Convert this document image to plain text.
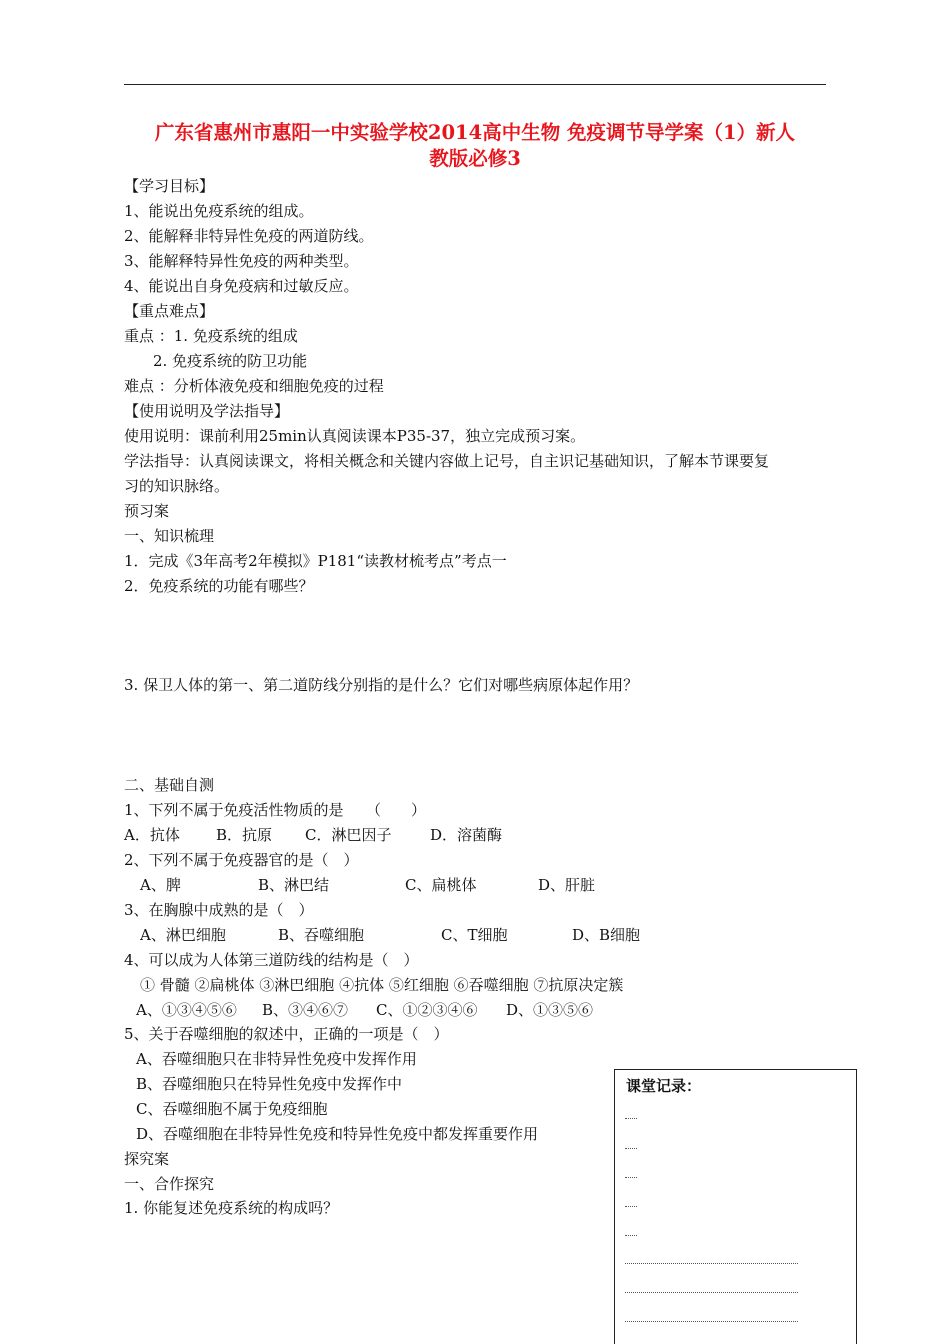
广东省惠州市惠阳一中实验学校2014高中生物 免疫调节导学案（1）新人
教版必修3
【学习目标】
1、能说出免疫系统的组成。
2、能解释非特异性免疫的两道防线。
3、能解释特异性免疫的两种类型。
4、能说出自身免疫病和过敏反应。
【重点难点】
重点 ：1. 免疫系统的组成
2. 免疫系统的防卫功能
难点 ：分析体液免疫和细胞免疫的过程
【使用说明及学法指导】
使用说明：课前利用25min认真阅读课本P35-37，独立完成预习案。
学法指导：认真阅读课文，将相关概念和关键内容做上记号，自主识记基础知识，了解本节课要复
习的知识脉络。
预习案
一、知识梳理
1．完成《3年高考2年模拟》P181“读教材梳考点”考点一
2．免疫系统的功能有哪些？
3. 保卫人体的第一、第二道防线分别指的是什么？它们对哪些病原体起作用？
二、基础自测
1、下列不属于免疫活性物质的是　　（　　）
A．抗体 B．抗原 C．淋巴因子	D．溶菌酶
2、下列不属于免疫器官的是（　）
A、脾	B、淋巴结	C、扁桃体	D、肝脏
3、在胸腺中成熟的是（　）
A、淋巴细胞	B、吞噬细胞	C、T细胞	D、B细胞
4、可以成为人体第三道防线的结构是（　）
① 骨髓 ②扁桃体 ③淋巴细胞 ④抗体 ⑤红细胞 ⑥吞噬细胞 ⑦抗原决定簇
A、①③④⑤⑥ B、③④⑥⑦ C、①②③④⑥ D、①③⑤⑥
5、关于吞噬细胞的叙述中，正确的一项是（　）
A、吞噬细胞只在非特异性免疫中发挥作用
B、吞噬细胞只在特异性免疫中发挥作中
C、吞噬细胞不属于免疫细胞
D、吞噬细胞在非特异性免疫和特异性免疫中都发挥重要作用
探究案
一、合作探究
1. 你能复述免疫系统的构成吗？
课堂记录：
